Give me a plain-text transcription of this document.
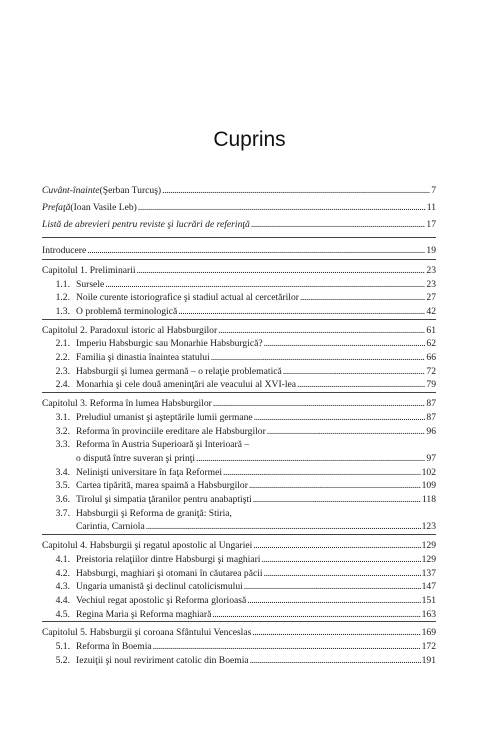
Cuprins
Cuvânt-înainte (Şerban Turcuş) . . .	7
Prefaţă (Ioan Vasile Leb) . . .	11
Listă de abrevieri pentru reviste şi lucrări de referinţă . . .	17
Introducere . . .	19
Capitolul 1. Preliminarii . . .	23
1.1. Sursele . . .	23
1.2. Noile curente istoriografice şi stadiul actual al cercetărilor . . .	27
1.3. O problemă terminologică . . .	42
Capitolul 2. Paradoxul istoric al Habsburgilor . . .	61
2.1. Imperiu Habsburgic sau Monarhie Habsburgică? . . .	62
2.2. Familia şi dinastia înaintea statului . . .	66
2.3. Habsburgii şi lumea germană – o relaţie problematică . . .	72
2.4. Monarhia şi cele două ameninţări ale veacului al XVI-lea . . .	79
Capitolul 3. Reforma în lumea Habsburgilor . . .	87
3.1. Preludiul umanist şi aşteptările lumii germane . . .	87
3.2. Reforma în provinciile ereditare ale Habsburgilor . . .	96
3.3. Reforma în Austria Superioară şi Interioară –
o dispută între suveran şi prinţi . . .	97
3.4. Nelinişti universitare în faţa Reformei . . .	102
3.5. Cartea tipărită, marea spaimă a Habsburgilor . . .	109
3.6. Tirolul şi simpatia ţăranilor pentru anabaptişti . . .	118
3.7. Habsburgii şi Reforma de graniţă: Stiria,
Carintia, Carniola . . .	123
Capitolul 4. Habsburgii şi regatul apostolic al Ungariei . . .	129
4.1. Preistoria relaţiilor dintre Habsburgi şi maghiari . . .	129
4.2. Habsburgi, maghiari şi otomani în căutarea păcii . . .	137
4.3. Ungaria umanistă şi declinul catolicismului . . .	147
4.4. Vechiul regat apostolic şi Reforma glorioasă . . .	151
4.5. Regina Maria şi Reforma maghiară . . .	163
Capitolul 5. Habsburgii şi coroana Sfântului Venceslas . . .	169
5.1. Reforma în Boemia . . .	172
5.2. Iezuiţii şi noul reviriment catolic din Boemia . . .	191
